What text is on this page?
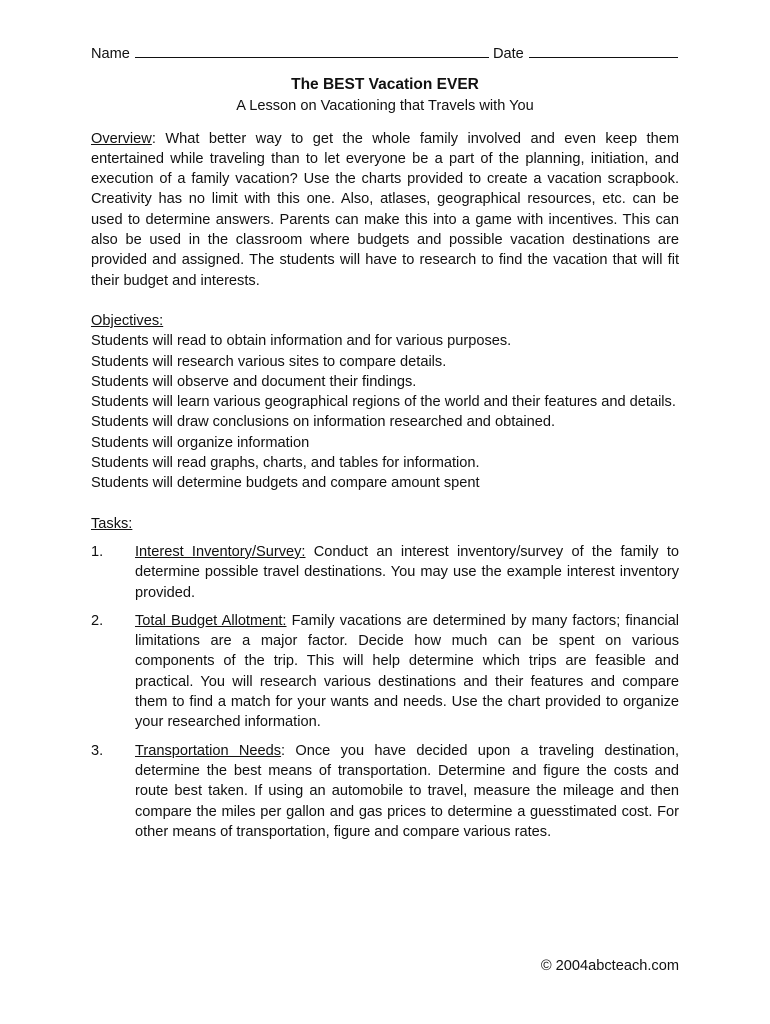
Name	Date
The BEST Vacation EVER
A Lesson on Vacationing that Travels with You
Overview: What better way to get the whole family involved and even keep them entertained while traveling than to let everyone be a part of the planning, initiation, and execution of a family vacation? Use the charts provided to create a vacation scrapbook. Creativity has no limit with this one. Also, atlases, geographical resources, etc. can be used to determine answers. Parents can make this into a game with incentives. This can also be used in the classroom where budgets and possible vacation destinations are provided and assigned. The students will have to research to find the vacation that will fit their budget and interests.
Objectives:
Students will read to obtain information and for various purposes.
Students will research various sites to compare details.
Students will observe and document their findings.
Students will learn various geographical regions of the world and their features and details.
Students will draw conclusions on information researched and obtained.
Students will organize information
Students will read graphs, charts, and tables for information.
Students will determine budgets and compare amount spent
Tasks:
1.	Interest Inventory/Survey: Conduct an interest inventory/survey of the family to determine possible travel destinations. You may use the example interest inventory provided.
2.	Total Budget Allotment: Family vacations are determined by many factors; financial limitations are a major factor. Decide how much can be spent on various components of the trip. This will help determine which trips are feasible and practical. You will research various destinations and their features and compare them to find a match for your wants and needs. Use the chart provided to organize your researched information.
3.	Transportation Needs: Once you have decided upon a traveling destination, determine the best means of transportation. Determine and figure the costs and route best taken. If using an automobile to travel, measure the mileage and then compare the miles per gallon and gas prices to determine a guesstimated cost. For other means of transportation, figure and compare various rates.
© 2004abcteach.com
